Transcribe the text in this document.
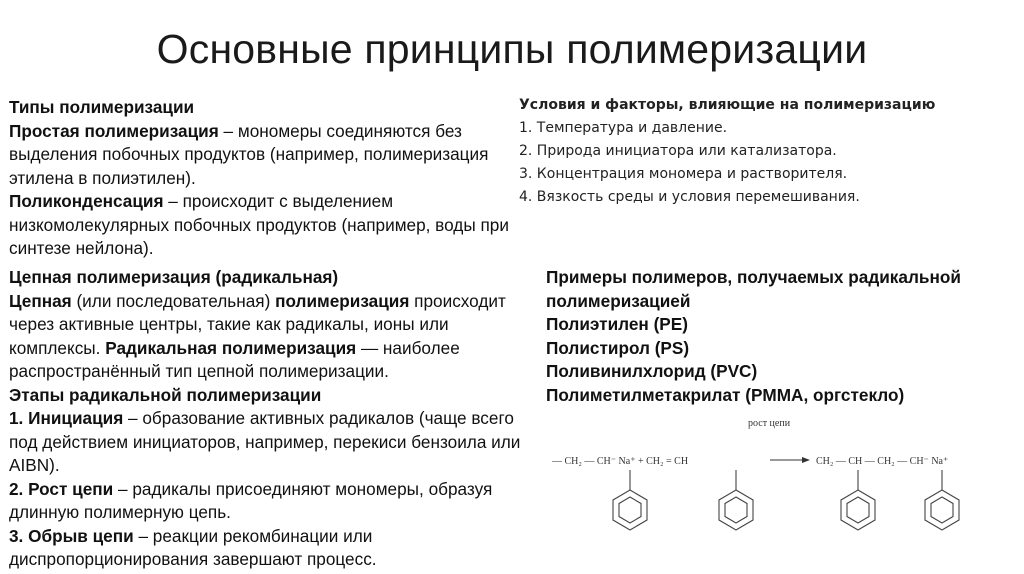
Основные принципы полимеризации

Типы полимеризации

Простая полимеризация – мономеры соединяются без выделения побочных продуктов (например, полимеризация этилена в полиэтилен).

Поликонденсация – происходит с выделением низкомолекулярных побочных продуктов (например, воды при синтезе нейлона).

Условия и факторы, влияющие на полимеризацию

1. Температура и давление.

2. Природа инициатора или катализатора.

3. Концентрация мономера и растворителя.

4. Вязкость среды и условия перемешивания.

Цепная полимеризация (радикальная)

Цепная (или последовательная) полимеризация происходит через активные центры, такие как радикалы, ионы или комплексы. Радикальная полимеризация — наиболее распространённый тип цепной полимеризации.

Этапы радикальной полимеризации

1. Инициация – образование активных радикалов (чаще всего под действием инициаторов, например, перекиси бензоила или AIBN).

2. Рост цепи – радикалы присоединяют мономеры, образуя длинную полимерную цепь.

3. Обрыв цепи – реакции рекомбинации или диспропорционирования завершают процесс.

Примеры полимеров, получаемых радикальной полимеризацией

Полиэтилен (PE)

Полистирол (PS)

Поливинилхлорид (PVC)

Полиметилметакрилат (PMMA, оргстекло)

рост цепи
— CH₂ — CH⁻ Na⁺ + CH₂ = CH	CH₂ — CH — CH₂ — CH⁻ Na⁺
